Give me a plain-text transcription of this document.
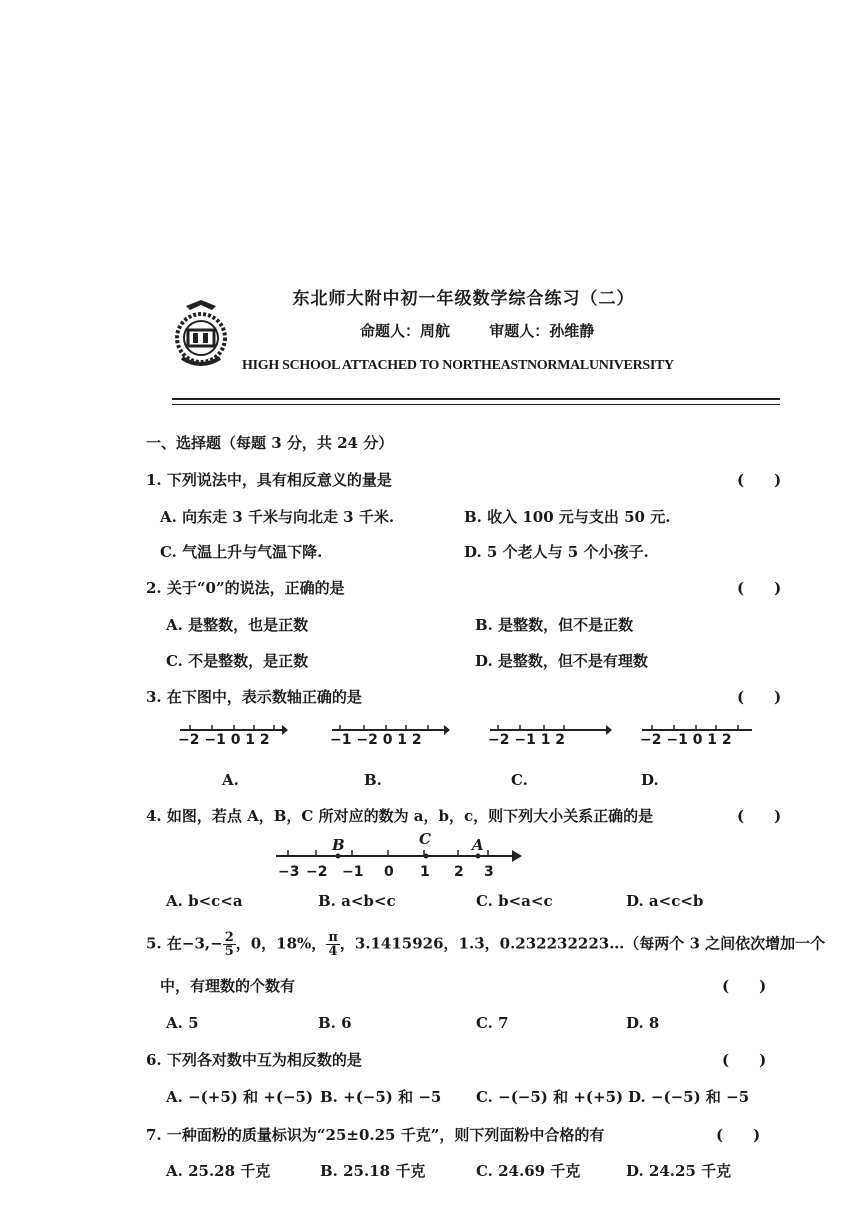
东北师大附中初一年级数学综合练习（二）
命题人：周航	审题人：孙维静
HIGH SCHOOL ATTACHED TO NORTHEASTNORMALUNIVERSITY
一、选择题（每题 3 分，共 24 分）
1. 下列说法中，具有相反意义的量是	(　　)
A. 向东走 3 千米与向北走 3 千米.	B. 收入 100 元与支出 50 元.
C. 气温上升与气温下降.	D. 5 个老人与 5 个小孩子.
2. 关于“0”的说法，正确的是	(　　)
A. 是整数，也是正数	B. 是整数，但不是正数
C. 不是整数，是正数	D. 是整数，但不是有理数
3. 在下图中，表示数轴正确的是	(　　)
−2 −1 0 1 2	−1 −2 0 1 2	−2 −1 1 2	−2 −1 0 1 2
A.	B.	C.	D.
4. 如图，若点 A，B，C 所对应的数为 a，b，c，则下列大小关系正确的是	(　　)
B	C	A
−3 −2 −1 0 1 2 3
A. b<c<a	B. a<b<c	C. b<a<c	D. a<c<b
5. 在$-3,- \frac{2}{5}$ ，0，18%， $\frac{\pi}{4}$ ，3.1415926，1.3̇，0.232232223…（每两个 3 之间依次增加一个
中，有理数的个数有	(　　)
A. 5	B. 6	C. 7	D. 8
6. 下列各对数中互为相反数的是	(　　)
A. −(+5) 和 +(−5) B. +(−5) 和 −5 C. −(−5) 和 +(+5) D. −(−5) 和 −5
7. 一种面粉的质量标识为“25±0.25 千克”，则下列面粉中合格的有	(　　)
A. 25.28 千克	B. 25.18 千克	C. 24.69 千克	D. 24.25 千克
